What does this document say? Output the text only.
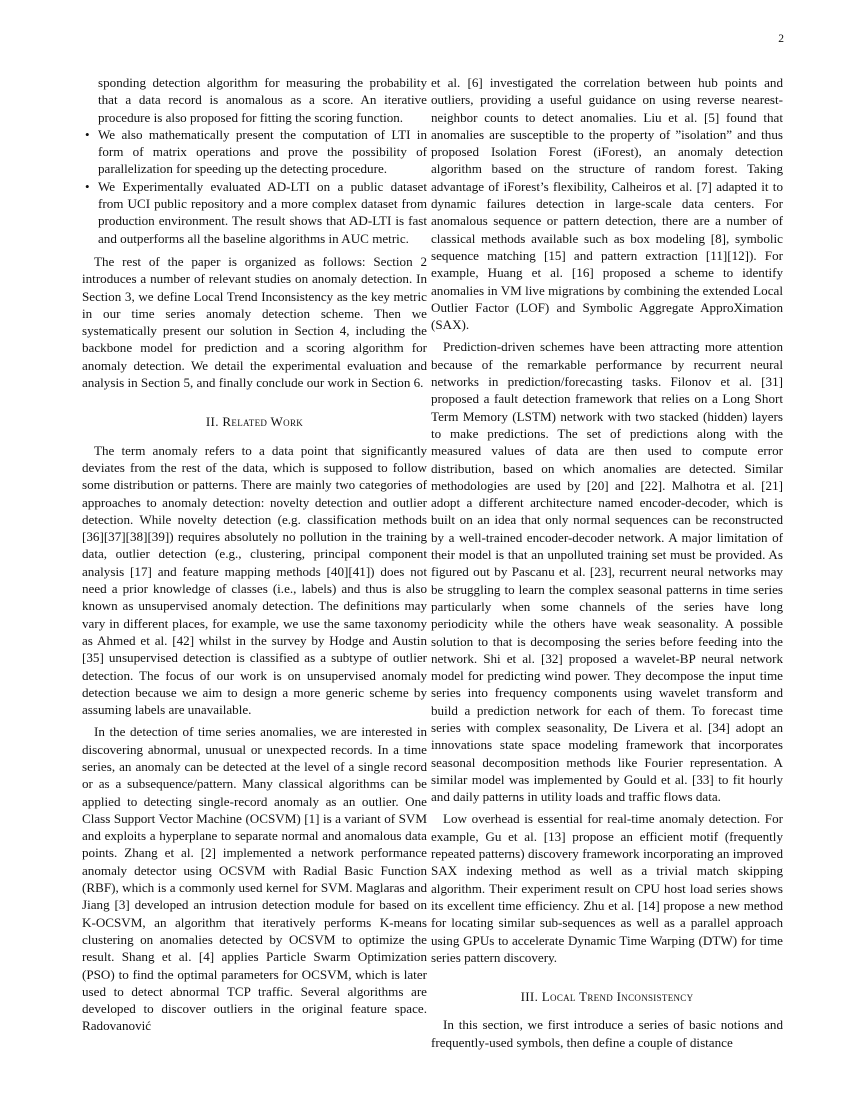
2
sponding detection algorithm for measuring the probability that a data record is anomalous as a score. An iterative procedure is also proposed for fitting the scoring function.
• We also mathematically present the computation of LTI in form of matrix operations and prove the possibility of parallelization for speeding up the detecting procedure.
• We Experimentally evaluated AD-LTI on a public dataset from UCI public repository and a more complex dataset from production environment. The result shows that AD-LTI is fast and outperforms all the baseline algorithms in AUC metric.

The rest of the paper is organized as follows: Section 2 introduces a number of relevant studies on anomaly detection. In Section 3, we define Local Trend Inconsistency as the key metric in our time series anomaly detection scheme. Then we systematically present our solution in Section 4, including the backbone model for prediction and a scoring algorithm for anomaly detection. We detail the experimental evaluation and analysis in Section 5, and finally conclude our work in Section 6.

II. Related Work

The term anomaly refers to a data point that significantly deviates from the rest of the data, which is supposed to follow some distribution or patterns. There are mainly two categories of approaches to anomaly detection: novelty detection and outlier detection. While novelty detection (e.g. classification methods [36][37][38][39]) requires absolutely no pollution in the training data, outlier detection (e.g., clustering, principal component analysis [17] and feature mapping methods [40][41]) does not need a prior knowledge of classes (i.e., labels) and thus is also known as unsupervised anomaly detection. The definitions may vary in different places, for example, we use the same taxonomy as Ahmed et al. [42] whilst in the survey by Hodge and Austin [35] unsupervised detection is classified as a subtype of outlier detection. The focus of our work is on unsupervised anomaly detection because we aim to design a more generic scheme by assuming labels are unavailable.

In the detection of time series anomalies, we are interested in discovering abnormal, unusual or unexpected records. In a time series, an anomaly can be detected at the level of a single record or as a subsequence/pattern. Many classical algorithms can be applied to detecting single-record anomaly as an outlier. One Class Support Vector Machine (OCSVM) [1] is a variant of SVM and exploits a hyperplane to separate normal and anomalous data points. Zhang et al. [2] implemented a network performance anomaly detector using OCSVM with Radial Basic Function (RBF), which is a commonly used kernel for SVM. Maglaras and Jiang [3] developed an intrusion detection module for based on K-OCSVM, an algorithm that iteratively performs K-means clustering on anomalies detected by OCSVM to optimize the result. Shang et al. [4] applies Particle Swarm Optimization (PSO) to find the optimal parameters for OCSVM, which is later used to detect abnormal TCP traffic. Several algorithms are developed to discover outliers in the original feature space. Radovanović

et al. [6] investigated the correlation between hub points and outliers, providing a useful guidance on using reverse nearest-neighbor counts to detect anomalies. Liu et al. [5] found that anomalies are susceptible to the property of ”isolation” and thus proposed Isolation Forest (iForest), an anomaly detection algorithm based on the structure of random forest. Taking advantage of iForest’s flexibility, Calheiros et al. [7] adapted it to dynamic failures detection in large-scale data centers. For anomalous sequence or pattern detection, there are a number of classical methods available such as box modeling [8], symbolic sequence matching [15] and pattern extraction [11][12]). For example, Huang et al. [16] proposed a scheme to identify anomalies in VM live migrations by combining the extended Local Outlier Factor (LOF) and Symbolic Aggregate ApproXimation (SAX).

Prediction-driven schemes have been attracting more attention because of the remarkable performance by recurrent neural networks in prediction/forecasting tasks. Filonov et al. [31] proposed a fault detection framework that relies on a Long Short Term Memory (LSTM) network with two stacked (hidden) layers to make predictions. The set of predictions along with the measured values of data are then used to compute error distribution, based on which anomalies are detected. Similar methodologies are used by [20] and [22]. Malhotra et al. [21] adopt a different architecture named encoder-decoder, which is built on an idea that only normal sequences can be reconstructed by a well-trained encoder-decoder network. A major limitation of their model is that an unpolluted training set must be provided. As figured out by Pascanu et al. [23], recurrent neural networks may be struggling to learn the complex seasonal patterns in time series particularly when some channels of the series have long periodicity while the others have weak seasonality. A possible solution to that is decomposing the series before feeding into the network. Shi et al. [32] proposed a wavelet-BP neural network model for predicting wind power. They decompose the input time series into frequency components using wavelet transform and build a prediction network for each of them. To forecast time series with complex seasonality, De Livera et al. [34] adopt an innovations state space modeling framework that incorporates seasonal decomposition methods like Fourier representation. A similar model was implemented by Gould et al. [33] to fit hourly and daily patterns in utility loads and traffic flows data.

Low overhead is essential for real-time anomaly detection. For example, Gu et al. [13] propose an efficient motif (frequently repeated patterns) discovery framework incorporating an improved SAX indexing method as well as a trivial match skipping algorithm. Their experiment result on CPU host load series shows its excellent time efficiency. Zhu et al. [14] propose a new method for locating similar sub-sequences as well as a parallel approach using GPUs to accelerate Dynamic Time Warping (DTW) for time series pattern discovery.

III. Local Trend Inconsistency

In this section, we first introduce a series of basic notions and frequently-used symbols, then define a couple of distance
